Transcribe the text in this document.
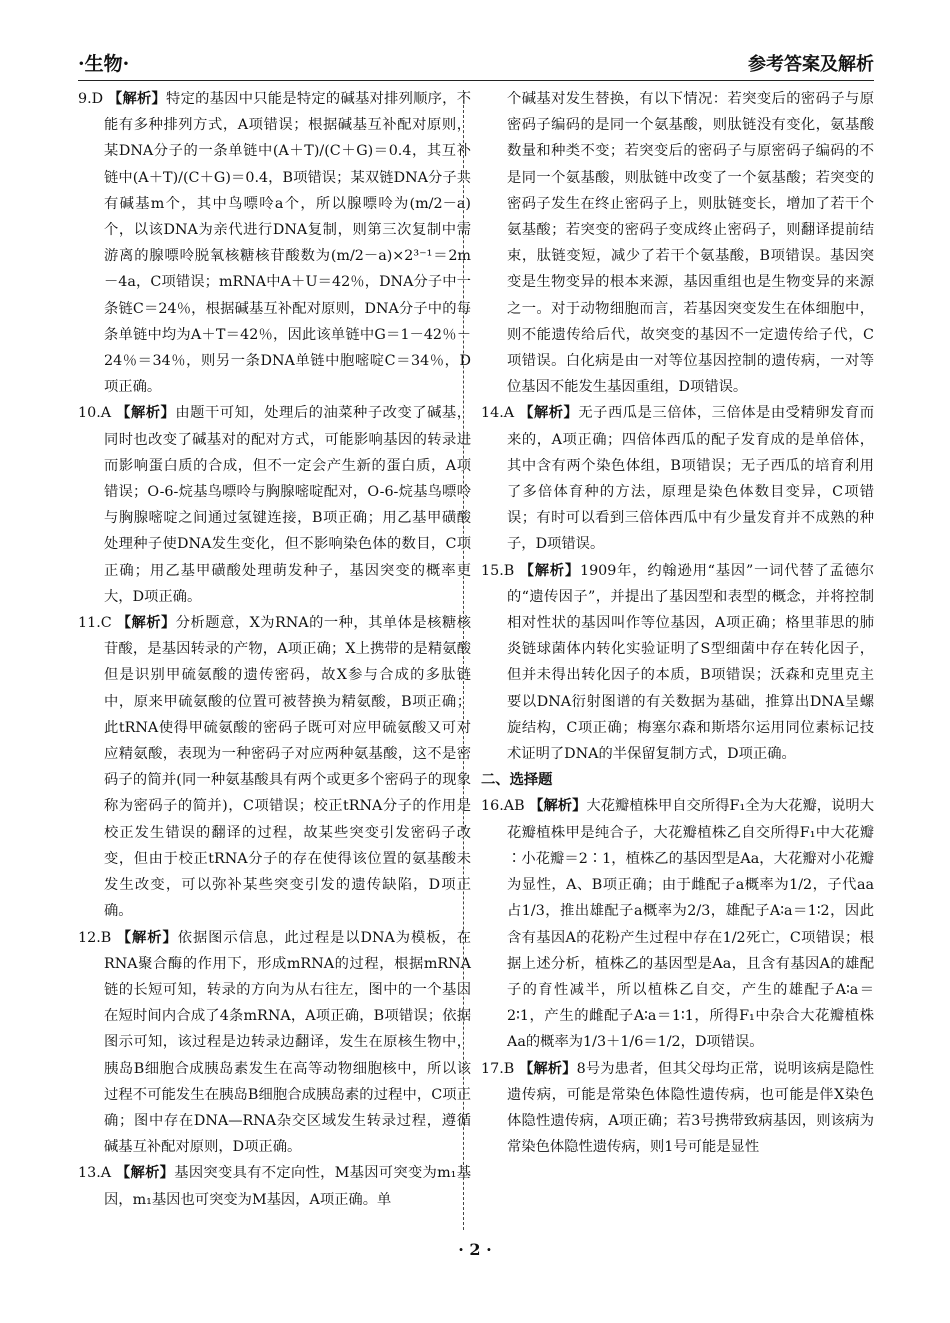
·生物·	参考答案及解析

9.D 【解析】特定的基因中只能是特定的碱基对排列顺序，不能有多种排列方式，A项错误；根据碱基互补配对原则，某DNA分子的一条单链中(A＋T)/(C＋G)＝0.4，其互补链中(A＋T)/(C＋G)＝0.4，B项错误；某双链DNA分子共有碱基m个，其中鸟嘌呤a个，所以腺嘌呤为(m/2－a)个，以该DNA为亲代进行DNA复制，则第三次复制中需游离的腺嘌呤脱氧核糖核苷酸数为(m/2－a)×2³⁻¹＝2m－4a，C项错误；mRNA中A＋U＝42％，DNA分子中一条链C＝24％，根据碱基互补配对原则，DNA分子中的每条单链中均为A＋T＝42％，因此该单链中G＝1－42％－24％＝34％，则另一条DNA单链中胞嘧啶C＝34％，D项正确。

10.A 【解析】由题干可知，处理后的油菜种子改变了碱基，同时也改变了碱基对的配对方式，可能影响基因的转录进而影响蛋白质的合成，但不一定会产生新的蛋白质，A项错误；O-6-烷基鸟嘌呤与胸腺嘧啶配对，O-6-烷基鸟嘌呤与胸腺嘧啶之间通过氢键连接，B项正确；用乙基甲磺酸处理种子使DNA发生变化，但不影响染色体的数目，C项正确；用乙基甲磺酸处理萌发种子，基因突变的概率更大，D项正确。

11.C 【解析】分析题意，X为RNA的一种，其单体是核糖核苷酸，是基因转录的产物，A项正确；X上携带的是精氨酸但是识别甲硫氨酸的遗传密码，故X参与合成的多肽链中，原来甲硫氨酸的位置可被替换为精氨酸，B项正确；此tRNA使得甲硫氨酸的密码子既可对应甲硫氨酸又可对应精氨酸，表现为一种密码子对应两种氨基酸，这不是密码子的简并(同一种氨基酸具有两个或更多个密码子的现象称为密码子的简并)，C项错误；校正tRNA分子的作用是校正发生错误的翻译的过程，故某些突变引发密码子改变，但由于校正tRNA分子的存在使得该位置的氨基酸未发生改变，可以弥补某些突变引发的遗传缺陷，D项正确。

12.B 【解析】依据图示信息，此过程是以DNA为模板，在RNA聚合酶的作用下，形成mRNA的过程，根据mRNA链的长短可知，转录的方向为从右往左，图中的一个基因在短时间内合成了4条mRNA，A项正确，B项错误；依据图示可知，该过程是边转录边翻译，发生在原核生物中，胰岛B细胞合成胰岛素发生在高等动物细胞核中，所以该过程不可能发生在胰岛B细胞合成胰岛素的过程中，C项正确；图中存在DNA—RNA杂交区域发生转录过程，遵循碱基互补配对原则，D项正确。

13.A 【解析】基因突变具有不定向性，M基因可突变为m₁基因，m₁基因也可突变为M基因，A项正确。单

个碱基对发生替换，有以下情况：若突变后的密码子与原密码子编码的是同一个氨基酸，则肽链没有变化，氨基酸数量和种类不变；若突变后的密码子与原密码子编码的不是同一个氨基酸，则肽链中改变了一个氨基酸；若突变的密码子发生在终止密码子上，则肽链变长，增加了若干个氨基酸；若突变的密码子变成终止密码子，则翻译提前结束，肽链变短，减少了若干个氨基酸，B项错误。基因突变是生物变异的根本来源，基因重组也是生物变异的来源之一。对于动物细胞而言，若基因突变发生在体细胞中，则不能遗传给后代，故突变的基因不一定遗传给子代，C项错误。白化病是由一对等位基因控制的遗传病，一对等位基因不能发生基因重组，D项错误。

14.A 【解析】无子西瓜是三倍体，三倍体是由受精卵发育而来的，A项正确；四倍体西瓜的配子发育成的是单倍体，其中含有两个染色体组，B项错误；无子西瓜的培育利用了多倍体育种的方法，原理是染色体数目变异，C项错误；有时可以看到三倍体西瓜中有少量发育并不成熟的种子，D项错误。

15.B 【解析】1909年，约翰逊用“基因”一词代替了孟德尔的“遗传因子”，并提出了基因型和表型的概念，并将控制相对性状的基因叫作等位基因，A项正确；格里菲思的肺炎链球菌体内转化实验证明了S型细菌中存在转化因子，但并未得出转化因子的本质，B项错误；沃森和克里克主要以DNA衍射图谱的有关数据为基础，推算出DNA呈螺旋结构，C项正确；梅塞尔森和斯塔尔运用同位素标记技术证明了DNA的半保留复制方式，D项正确。

二、选择题

16.AB 【解析】大花瓣植株甲自交所得F₁全为大花瓣，说明大花瓣植株甲是纯合子，大花瓣植株乙自交所得F₁中大花瓣∶小花瓣＝2∶1，植株乙的基因型是Aa，大花瓣对小花瓣为显性，A、B项正确；由于雌配子a概率为1/2，子代aa占1/3，推出雄配子a概率为2/3，雄配子A∶a＝1∶2，因此含有基因A的花粉产生过程中存在1/2死亡，C项错误；根据上述分析，植株乙的基因型是Aa，且含有基因A的雄配子的育性减半，所以植株乙自交，产生的雄配子A∶a＝2∶1，产生的雌配子A∶a＝1∶1，所得F₁中杂合大花瓣植株Aa的概率为1/3＋1/6＝1/2，D项错误。

17.B 【解析】8号为患者，但其父母均正常，说明该病是隐性遗传病，可能是常染色体隐性遗传病，也可能是伴X染色体隐性遗传病，A项正确；若3号携带致病基因，则该病为常染色体隐性遗传病，则1号可能是显性

· 2 ·
